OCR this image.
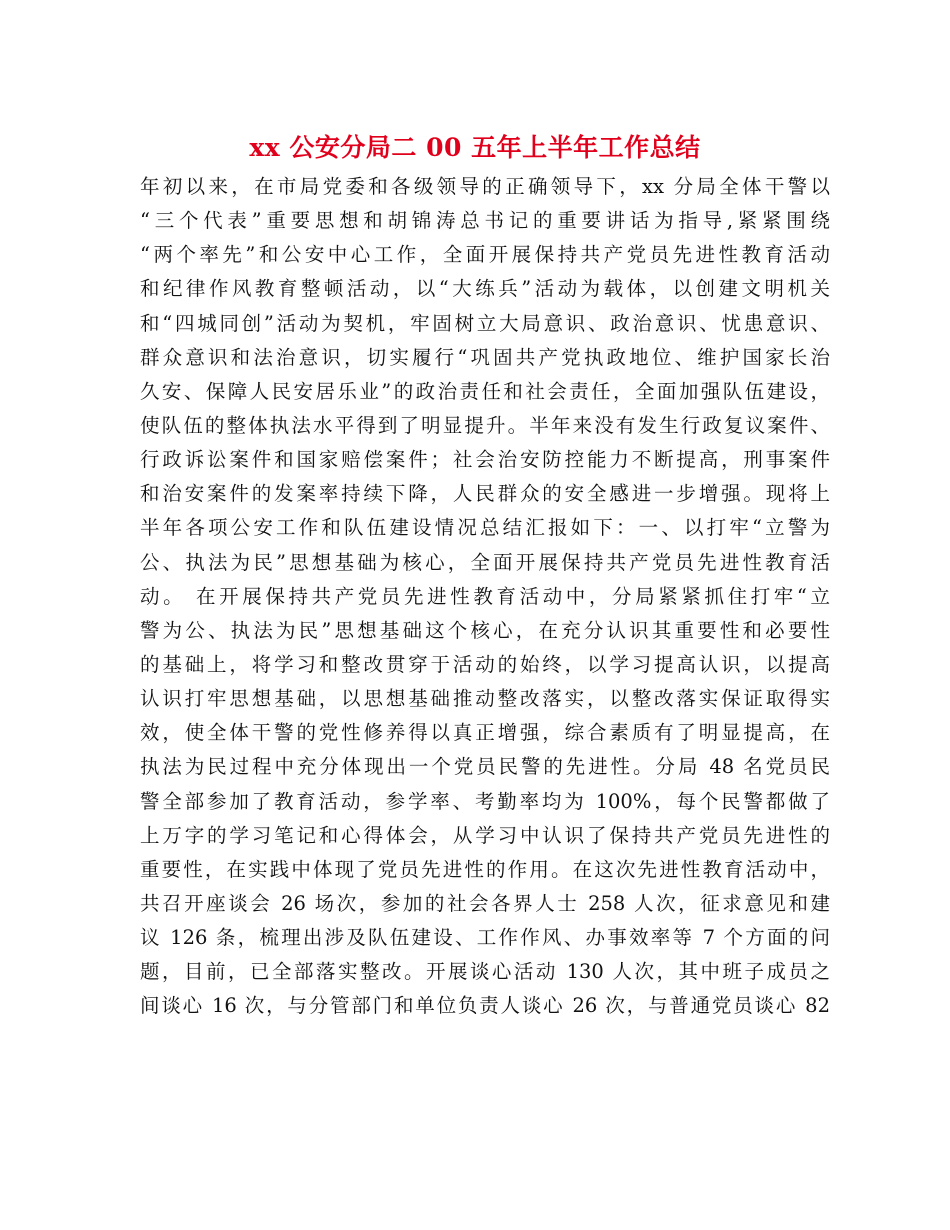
xx 公安分局二 00 五年上半年工作总结
年初以来，在市局党委和各级领导的正确领导下，xx 分局全体干警以
“三个代表”重要思想和胡锦涛总书记的重要讲话为指导,紧紧围绕
“两个率先”和公安中心工作，全面开展保持共产党员先进性教育活动
和纪律作风教育整顿活动，以“大练兵”活动为载体，以创建文明机关
和“四城同创”活动为契机，牢固树立大局意识、政治意识、忧患意识、
群众意识和法治意识，切实履行“巩固共产党执政地位、维护国家长治
久安、保障人民安居乐业”的政治责任和社会责任，全面加强队伍建设，
使队伍的整体执法水平得到了明显提升。半年来没有发生行政复议案件、
行政诉讼案件和国家赔偿案件；社会治安防控能力不断提高，刑事案件
和治安案件的发案率持续下降，人民群众的安全感进一步增强。现将上
半年各项公安工作和队伍建设情况总结汇报如下：一、以打牢“立警为
公、执法为民”思想基础为核心，全面开展保持共产党员先进性教育活
动。 在开展保持共产党员先进性教育活动中，分局紧紧抓住打牢“立
警为公、执法为民”思想基础这个核心，在充分认识其重要性和必要性
的基础上，将学习和整改贯穿于活动的始终，以学习提高认识，以提高
认识打牢思想基础，以思想基础推动整改落实，以整改落实保证取得实
效，使全体干警的党性修养得以真正增强，综合素质有了明显提高，在
执法为民过程中充分体现出一个党员民警的先进性。分局 48 名党员民
警全部参加了教育活动，参学率、考勤率均为 100%，每个民警都做了
上万字的学习笔记和心得体会，从学习中认识了保持共产党员先进性的
重要性，在实践中体现了党员先进性的作用。在这次先进性教育活动中，
共召开座谈会 26 场次，参加的社会各界人士 258 人次，征求意见和建
议 126 条，梳理出涉及队伍建设、工作作风、办事效率等 7 个方面的问
题，目前，已全部落实整改。开展谈心活动 130 人次，其中班子成员之
间谈心 16 次，与分管部门和单位负责人谈心 26 次，与普通党员谈心 82
